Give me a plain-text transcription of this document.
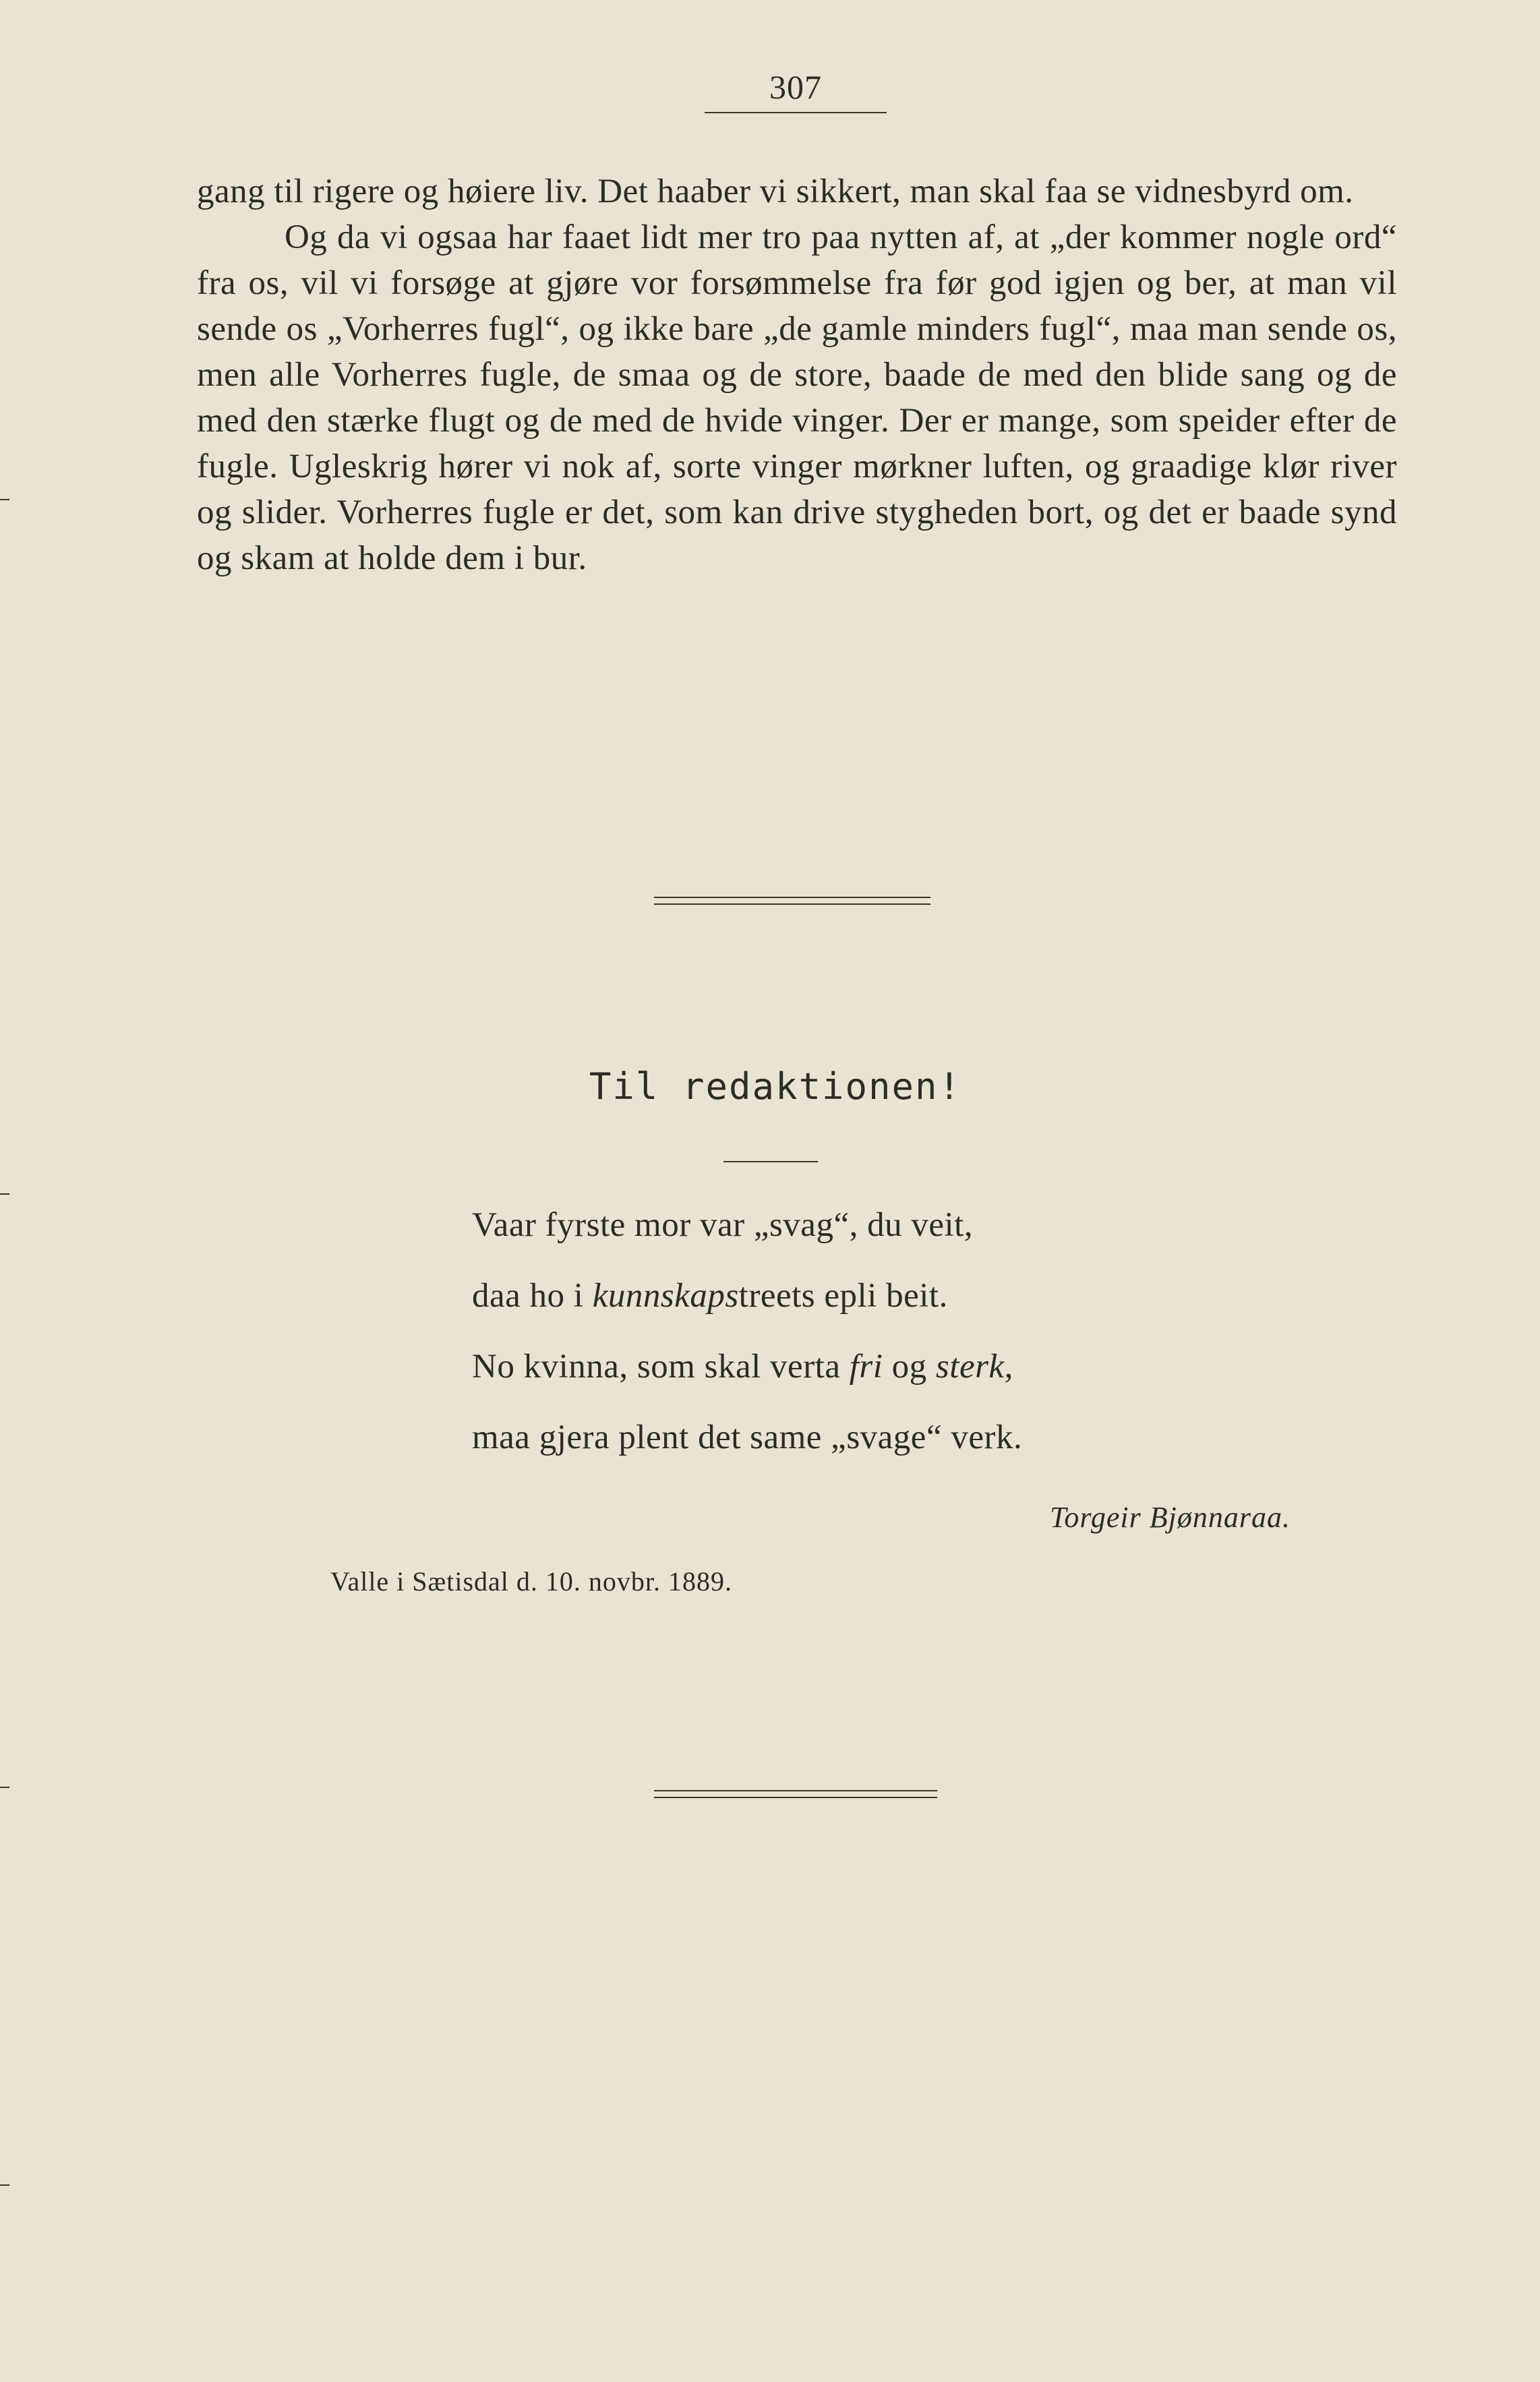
307

gang til rigere og høiere liv. Det haaber vi sikkert, man skal faa se vidnesbyrd om.

Og da vi ogsaa har faaet lidt mer tro paa nytten af, at „der kommer nogle ord“ fra os, vil vi forsøge at gjøre vor forsømmelse fra før god igjen og ber, at man vil sende os „Vorherres fugl“, og ikke bare „de gamle minders fugl“, maa man sende os, men alle Vorherres fugle, de smaa og de store, baade de med den blide sang og de med den stærke flugt og de med de hvide vinger. Der er mange, som speider efter de fugle. Ugleskrig hører vi nok af, sorte vinger mørkner luften, og graadige klør river og slider. Vorherres fugle er det, som kan drive stygheden bort, og det er baade synd og skam at holde dem i bur.

Til redaktionen!
Vaar fyrste mor var „svag“, du veit,
daa ho i kunnskapstreets epli beit.
No kvinna, som skal verta fri og sterk,
maa gjera plent det same „svage“ verk.
Torgeir Bjønnaraa.
Valle i Sætisdal d. 10. novbr. 1889.
